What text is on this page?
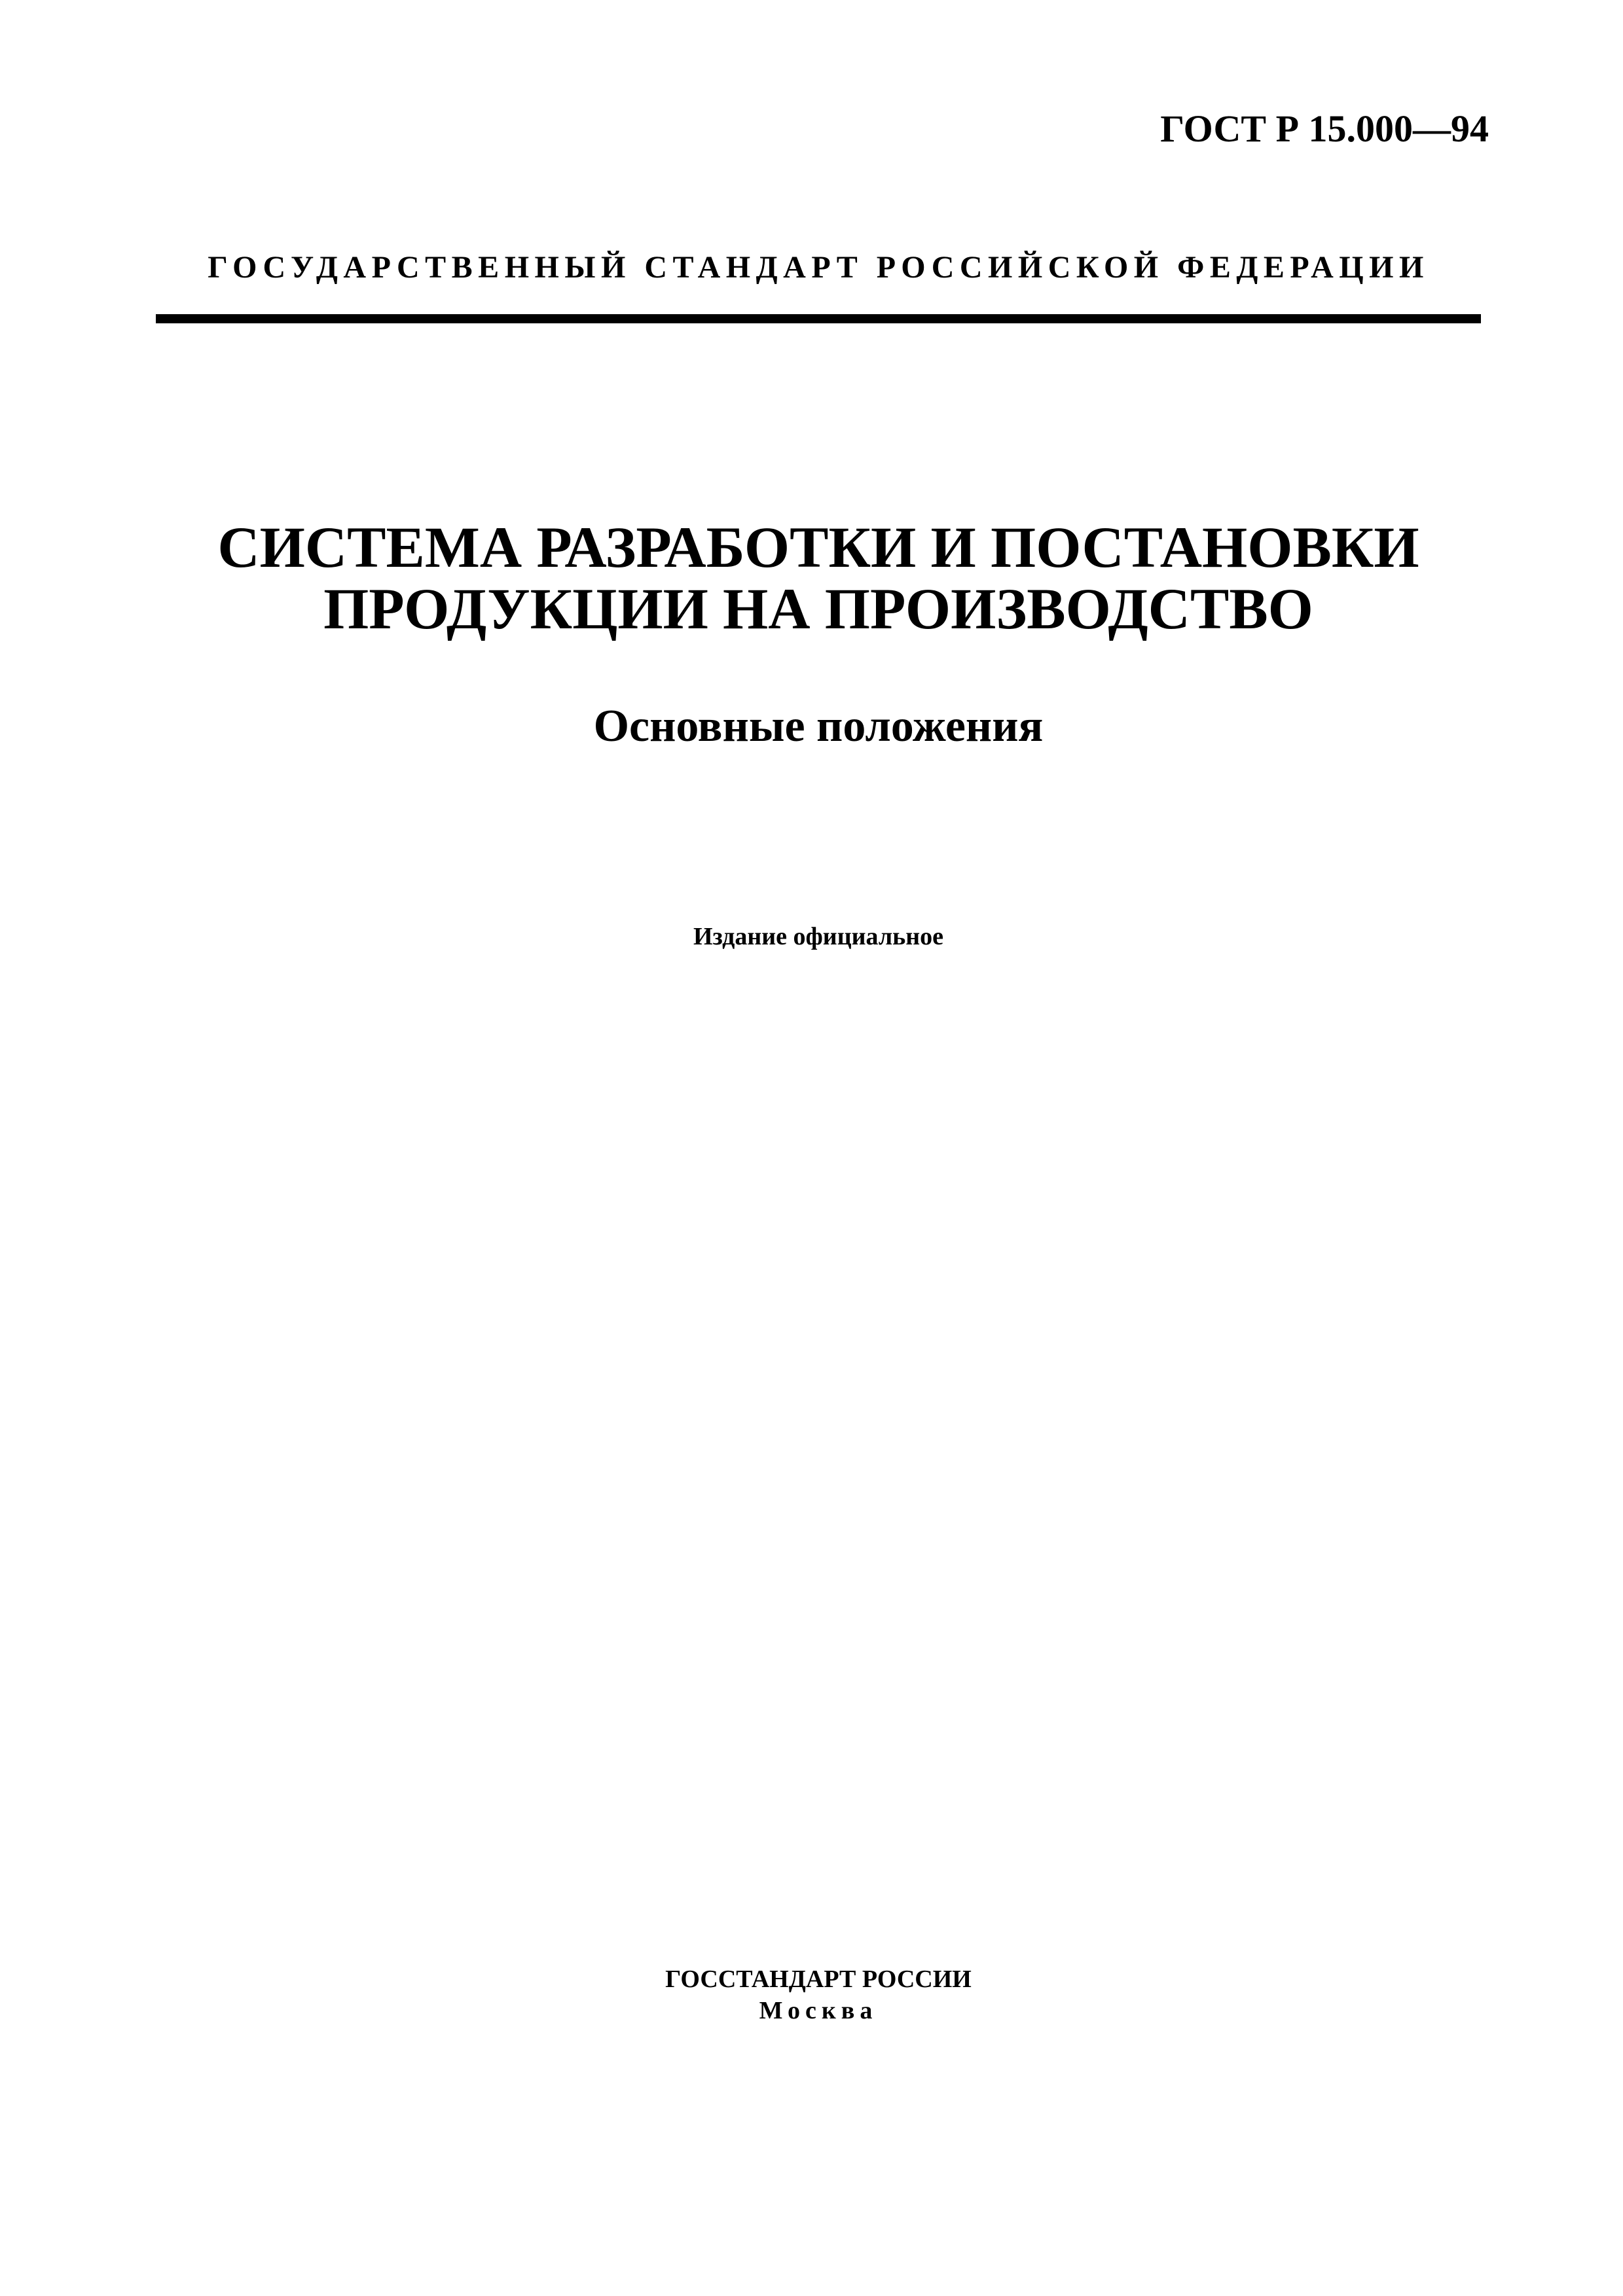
ГОСТ Р 15.000—94
ГОСУДАРСТВЕННЫЙ СТАНДАРТ РОССИЙСКОЙ ФЕДЕРАЦИИ
СИСТЕМА РАЗРАБОТКИ И ПОСТАНОВКИ
ПРОДУКЦИИ НА ПРОИЗВОДСТВО
Основные положения
Издание официальное
ГОССТАНДАРТ РОССИИ
Москва
